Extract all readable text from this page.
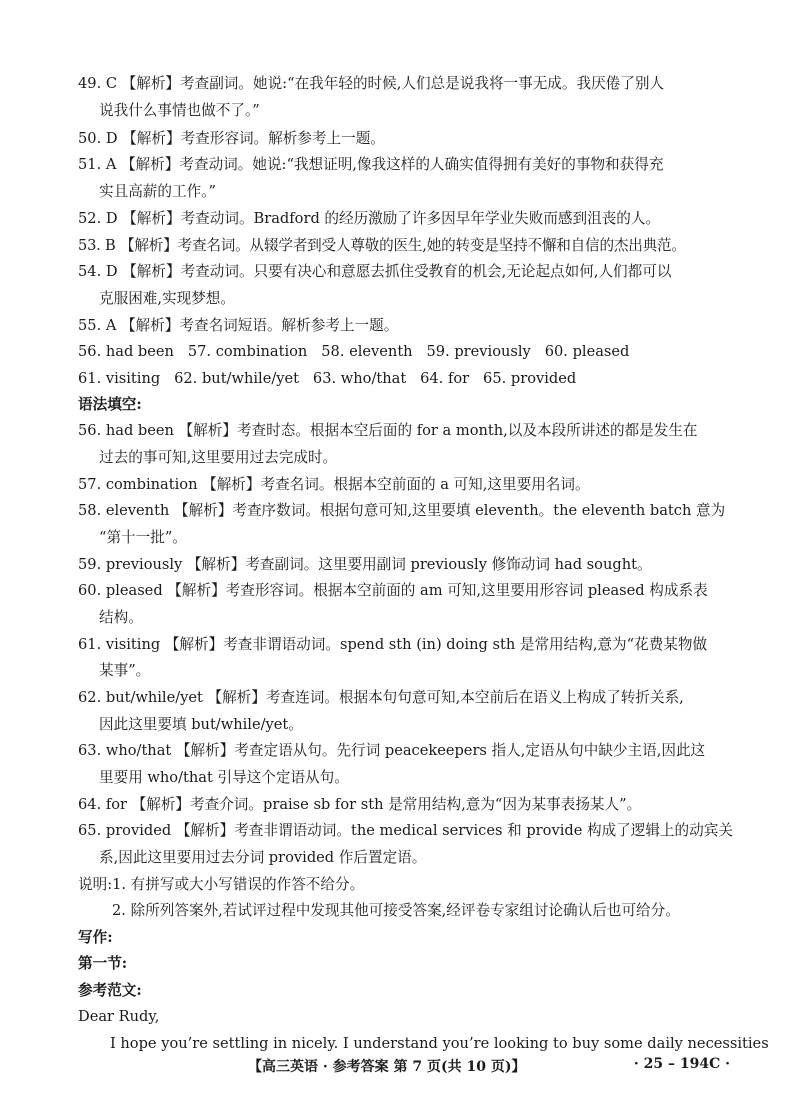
49. C 【解析】考查副词。她说:“在我年轻的时候,人们总是说我将一事无成。我厌倦了别人
说我什么事情也做不了。”
50. D 【解析】考查形容词。解析参考上一题。
51. A 【解析】考查动词。她说:“我想证明,像我这样的人确实值得拥有美好的事物和获得充
实且高薪的工作。”
52. D 【解析】考查动词。Bradford 的经历激励了许多因早年学业失败而感到沮丧的人。
53. B 【解析】考查名词。从辍学者到受人尊敬的医生,她的转变是坚持不懈和自信的杰出典范。
54. D 【解析】考查动词。只要有决心和意愿去抓住受教育的机会,无论起点如何,人们都可以
克服困难,实现梦想。
55. A 【解析】考查名词短语。解析参考上一题。
56. had been   57. combination   58. eleventh   59. previously   60. pleased
61. visiting   62. but/while/yet   63. who/that   64. for   65. provided
语法填空:
56. had been 【解析】考查时态。根据本空后面的 for a month,以及本段所讲述的都是发生在
过去的事可知,这里要用过去完成时。
57. combination 【解析】考查名词。根据本空前面的 a 可知,这里要用名词。
58. eleventh 【解析】考查序数词。根据句意可知,这里要填 eleventh。the eleventh batch 意为
“第十一批”。
59. previously 【解析】考查副词。这里要用副词 previously 修饰动词 had sought。
60. pleased 【解析】考查形容词。根据本空前面的 am 可知,这里要用形容词 pleased 构成系表
结构。
61. visiting 【解析】考查非谓语动词。spend sth (in) doing sth 是常用结构,意为“花费某物做
某事”。
62. but/while/yet 【解析】考查连词。根据本句句意可知,本空前后在语义上构成了转折关系,
因此这里要填 but/while/yet。
63. who/that 【解析】考查定语从句。先行词 peacekeepers 指人,定语从句中缺少主语,因此这
里要用 who/that 引导这个定语从句。
64. for 【解析】考查介词。praise sb for sth 是常用结构,意为“因为某事表扬某人”。
65. provided 【解析】考查非谓语动词。the medical services 和 provide 构成了逻辑上的动宾关
系,因此这里要用过去分词 provided 作后置定语。
说明:1. 有拼写或大小写错误的作答不给分。
2. 除所列答案外,若试评过程中发现其他可接受答案,经评卷专家组讨论确认后也可给分。
写作:
第一节:
参考范文:
Dear Rudy,
I hope you’re settling in nicely. I understand you’re looking to buy some daily necessities
【高三英语 · 参考答案 第 7 页(共 10 页)】	· 25 – 194C ·
